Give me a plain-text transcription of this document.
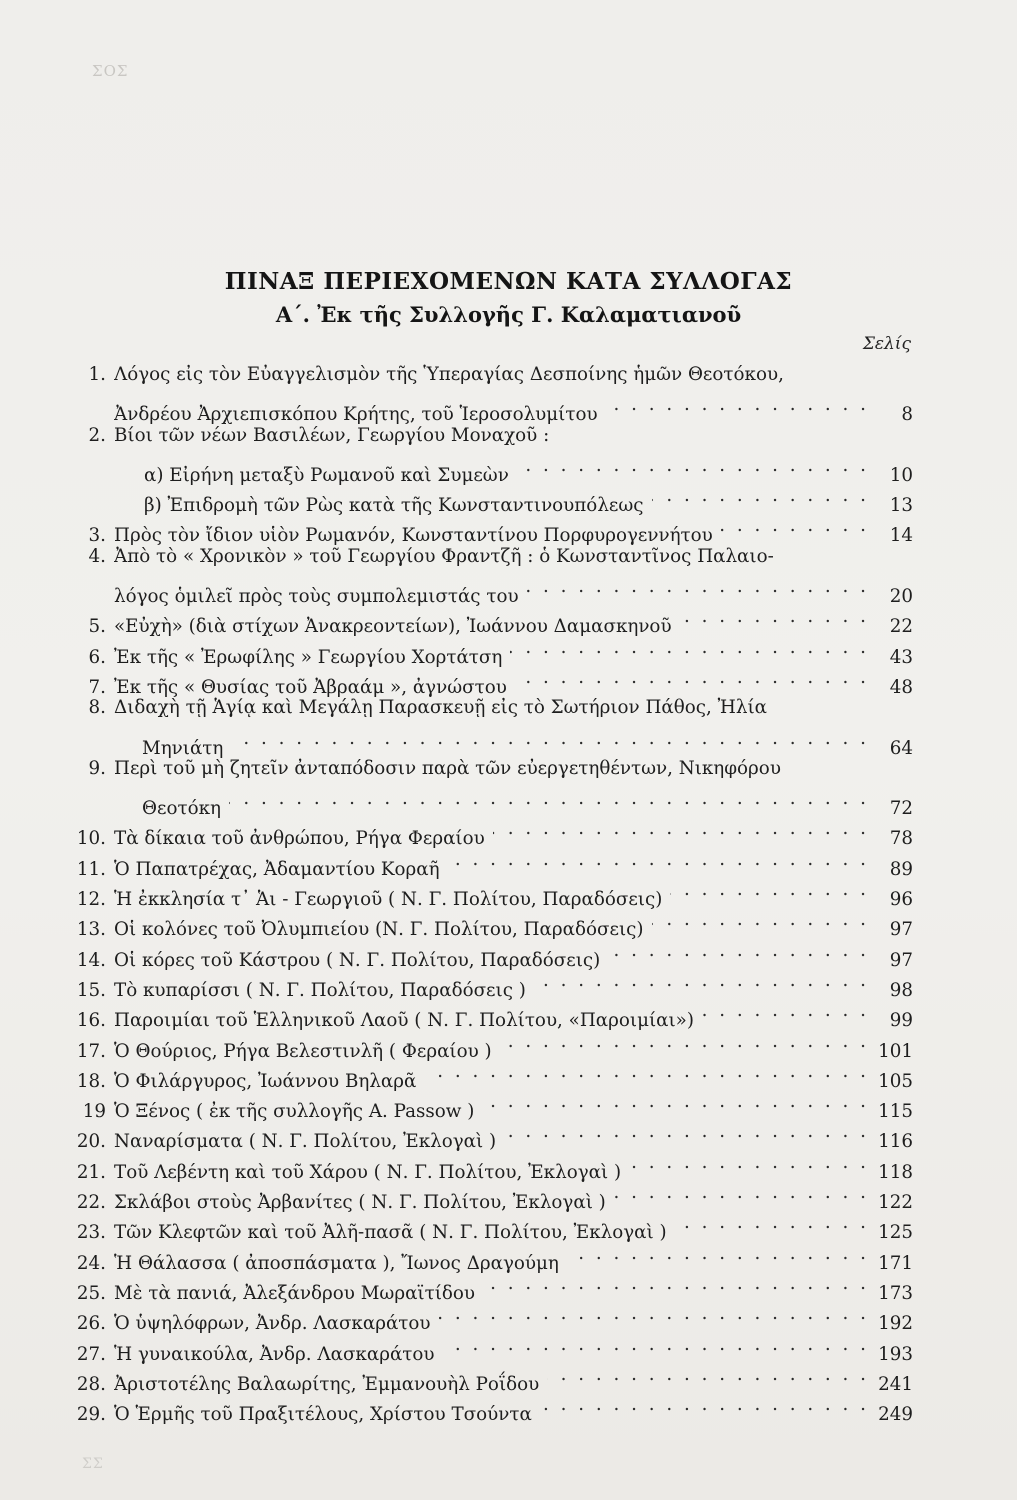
ΣΟΣ
ΠΙΝΑΞ ΠΕΡΙΕΧΟΜΕΝΩΝ ΚΑΤΑ ΣΥΛΛΟΓΑΣ
Α΄. Ἐκ τῆς Συλλογῆς Γ. Καλαματιανοῦ
Σελίς
1. Λόγος εἰς τὸν Εὐαγγελισμὸν τῆς Ὑπεραγίας Δεσποίνης ἡμῶν Θεοτόκου,
Ἀνδρέου Ἀρχιεπισκόπου Κρήτης, τοῦ Ἱεροσολυμίτου . . .	8
2. Βίοι τῶν νέων Βασιλέων, Γεωργίου Μοναχοῦ :
α) Εἰρήνη μεταξὺ Ρωμανοῦ καὶ Συμεὼν . . .	10
β) Ἐπιδρομὴ τῶν Ρὼς κατὰ τῆς Κωνσταντινουπόλεως . . .	13
3. Πρὸς τὸν ἴδιον υἱὸν Ρωμανόν, Κωνσταντίνου Πορφυρογεννήτου . . .	14
4. Ἀπὸ τὸ « Χρονικὸν » τοῦ Γεωργίου Φραντζῆ : ὁ Κωνσταντῖνος Παλαιο-
λόγος ὁμιλεῖ πρὸς τοὺς συμπολεμιστάς του . . .	20
5. «Εὐχὴ» (διὰ στίχων Ἀνακρεοντείων), Ἰωάννου Δαμασκηνοῦ . . .	22
6. Ἐκ τῆς « Ἐρωφίλης » Γεωργίου Χορτάτση . . .	43
7. Ἐκ τῆς « Θυσίας τοῦ Ἀβραάμ », ἀγνώστου . . .	48
8. Διδαχὴ τῇ Ἁγίᾳ καὶ Μεγάλῃ Παρασκευῇ εἰς τὸ Σωτήριον Πάθος, Ἠλία
Μηνιάτη . . .	64
9. Περὶ τοῦ μὴ ζητεῖν ἀνταπόδοσιν παρὰ τῶν εὐεργετηθέντων, Νικηφόρου
Θεοτόκη . . .	72
10. Τὰ δίκαια τοῦ ἀνθρώπου, Ρήγα Φεραίου . . .	78
11. Ὁ Παπατρέχας, Ἀδαμαντίου Κοραῆ . . .	89
12. Ἡ ἐκκλησία τ᾽ Ἁι - Γεωργιοῦ ( Ν. Γ. Πολίτου, Παραδόσεις) . . .	96
13. Οἱ κολόνες τοῦ Ὀλυμπιείου (Ν. Γ. Πολίτου, Παραδόσεις) . . .	97
14. Οἱ κόρες τοῦ Κάστρου ( Ν. Γ. Πολίτου, Παραδόσεις) . . .	97
15. Τὸ κυπαρίσσι ( Ν. Γ. Πολίτου, Παραδόσεις ) . . .	98
16. Παροιμίαι τοῦ Ἑλληνικοῦ Λαοῦ ( Ν. Γ. Πολίτου, «Παροιμίαι») . . .	99
17. Ὁ Θούριος, Ρήγα Βελεστινλῆ ( Φεραίου ) . . .	101
18. Ὁ Φιλάργυρος, Ἰωάννου Βηλαρᾶ . . .	105
19 Ὁ Ξένος ( ἐκ τῆς συλλογῆς Α. Passow ) . . .	115
20. Ναναρίσματα ( Ν. Γ. Πολίτου, Ἐκλογαὶ ) . . .	116
21. Τοῦ Λεβέντη καὶ τοῦ Χάρου ( Ν. Γ. Πολίτου, Ἐκλογαὶ ) . . .	118
22. Σκλάβοι στοὺς Ἀρβανίτες ( Ν. Γ. Πολίτου, Ἐκλογαὶ ) . . .	122
23. Τῶν Κλεφτῶν καὶ τοῦ Ἀλῆ-πασᾶ ( Ν. Γ. Πολίτου, Ἐκλογαὶ ) . . .	125
24. Ἡ Θάλασσα ( ἀποσπάσματα ), Ἴωνος Δραγούμη . . .	171
25. Μὲ τὰ πανιά, Ἀλεξάνδρου Μωραϊτίδου . . .	173
26. Ὁ ὑψηλόφρων, Ἀνδρ. Λασκαράτου . . .	192
27. Ἡ γυναικούλα, Ἀνδρ. Λασκαράτου . . .	193
28. Ἀριστοτέλης Βαλαωρίτης, Ἐμμανουὴλ Ροΐδου . . .	241
29. Ὁ Ἑρμῆς τοῦ Πραξιτέλους, Χρίστου Τσούντα . . .	249
ΣΣ
